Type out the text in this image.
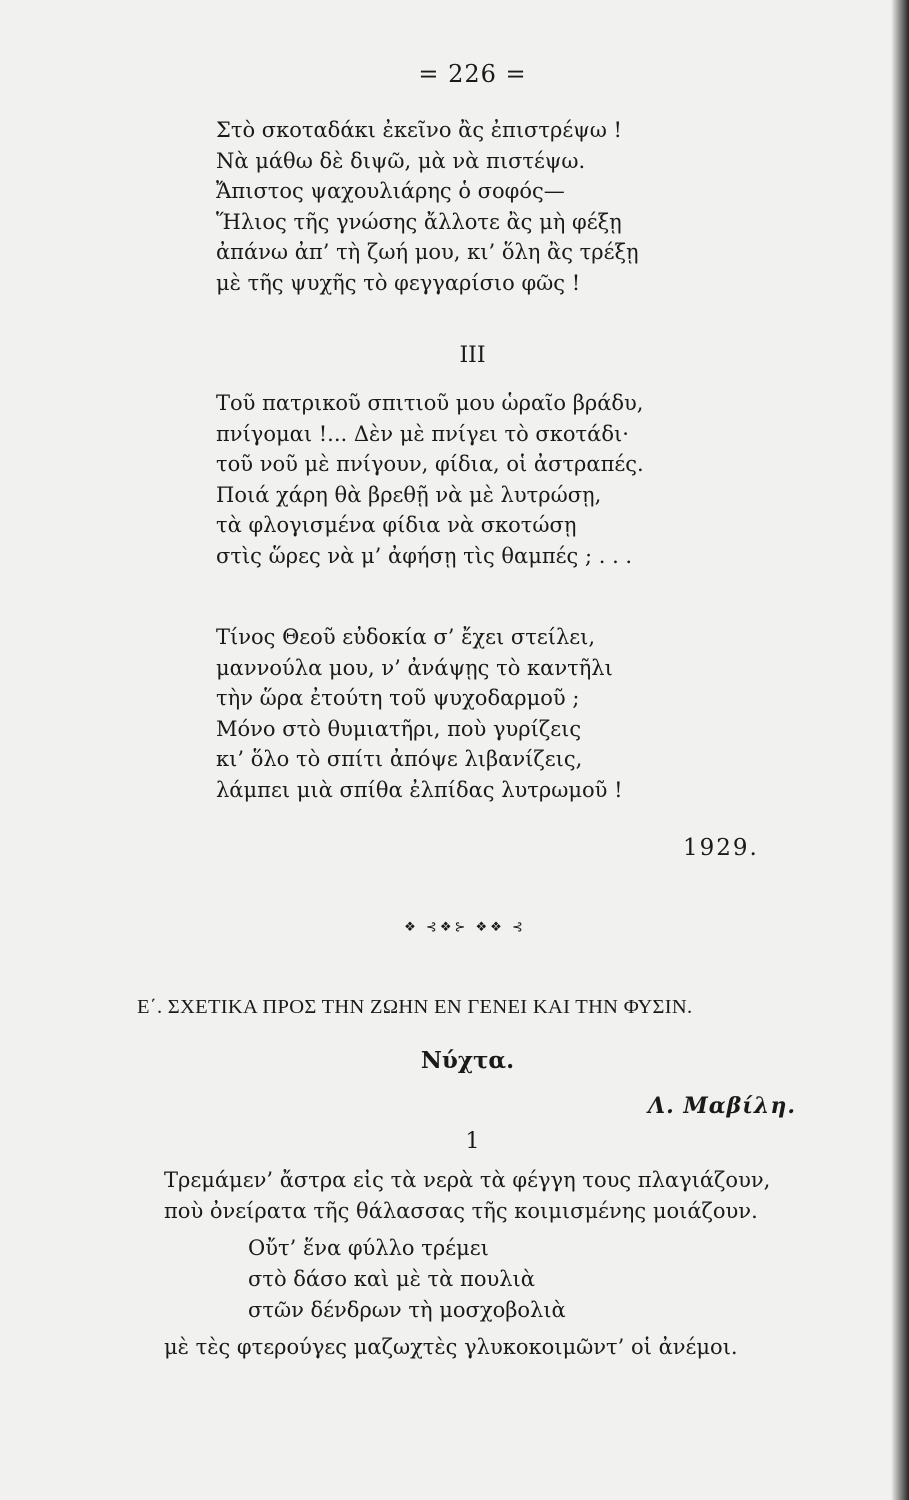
= 226 =
Στὸ σκοταδάκι ἐκεῖνο ἂς ἐπιστρέψω !
Νὰ μάθω δὲ διψῶ, μὰ νὰ πιστέψω.
Ἄπιστος ψαχουλιάρης ὁ σοφός—
Ἥλιος τῆς γνώσης ἄλλοτε ἂς μὴ φέξῃ
ἀπάνω ἀπ’ τὴ ζωή μου, κι’ ὅλη ἂς τρέξῃ
μὲ τῆς ψυχῆς τὸ φεγγαρίσιο φῶς !
III
Τοῦ πατρικοῦ σπιτιοῦ μου ὡραῖο βράδυ,
πνίγομαι !... Δὲν μὲ πνίγει τὸ σκοτάδι·
τοῦ νοῦ μὲ πνίγουν, φίδια, οἱ ἀστραπές.
Ποιά χάρη θὰ βρεθῇ νὰ μὲ λυτρώσῃ,
τὰ φλογισμένα φίδια νὰ σκοτώσῃ
στὶς ὥρες νὰ μ’ ἀφήσῃ τὶς θαμπές ; . . .
Τίνος Θεοῦ εὐδοκία σ’ ἔχει στείλει,
μαννούλα μου, ν’ ἀνάψῃς τὸ καντῆλι
τὴν ὥρα ἐτούτη τοῦ ψυχοδαρμοῦ ;
Μόνο στὸ θυμιατῆρι, ποὺ γυρίζεις
κι’ ὅλο τὸ σπίτι ἀπόψε λιβανίζεις,
λάμπει μιὰ σπίθα ἐλπίδας λυτρωμοῦ !
1929.
❖ ⊰❖⊱ ❖❖ ⊰
Ε΄. ΣΧΕΤΙΚΑ ΠΡΟΣ ΤΗΝ ΖΩΗΝ ΕΝ ΓΕΝΕΙ ΚΑΙ ΤΗΝ ΦΥΣΙΝ.
Νύχτα.
Λ. Μαβίλη.
1
Τρεμάμεν’ ἄστρα εἰς τὰ νερὰ τὰ φέγγη τους πλαγιάζουν,
ποὺ ὀνείρατα τῆς θάλασσας τῆς κοιμισμένης μοιάζουν.
Οὔτ’ ἕνα φύλλο τρέμει
στὸ δάσο καὶ μὲ τὰ πουλιὰ
στῶν δένδρων τὴ μοσχοβολιὰ
μὲ τὲς φτερούγες μαζωχτὲς γλυκοκοιμῶντ’ οἱ ἀνέμοι.
